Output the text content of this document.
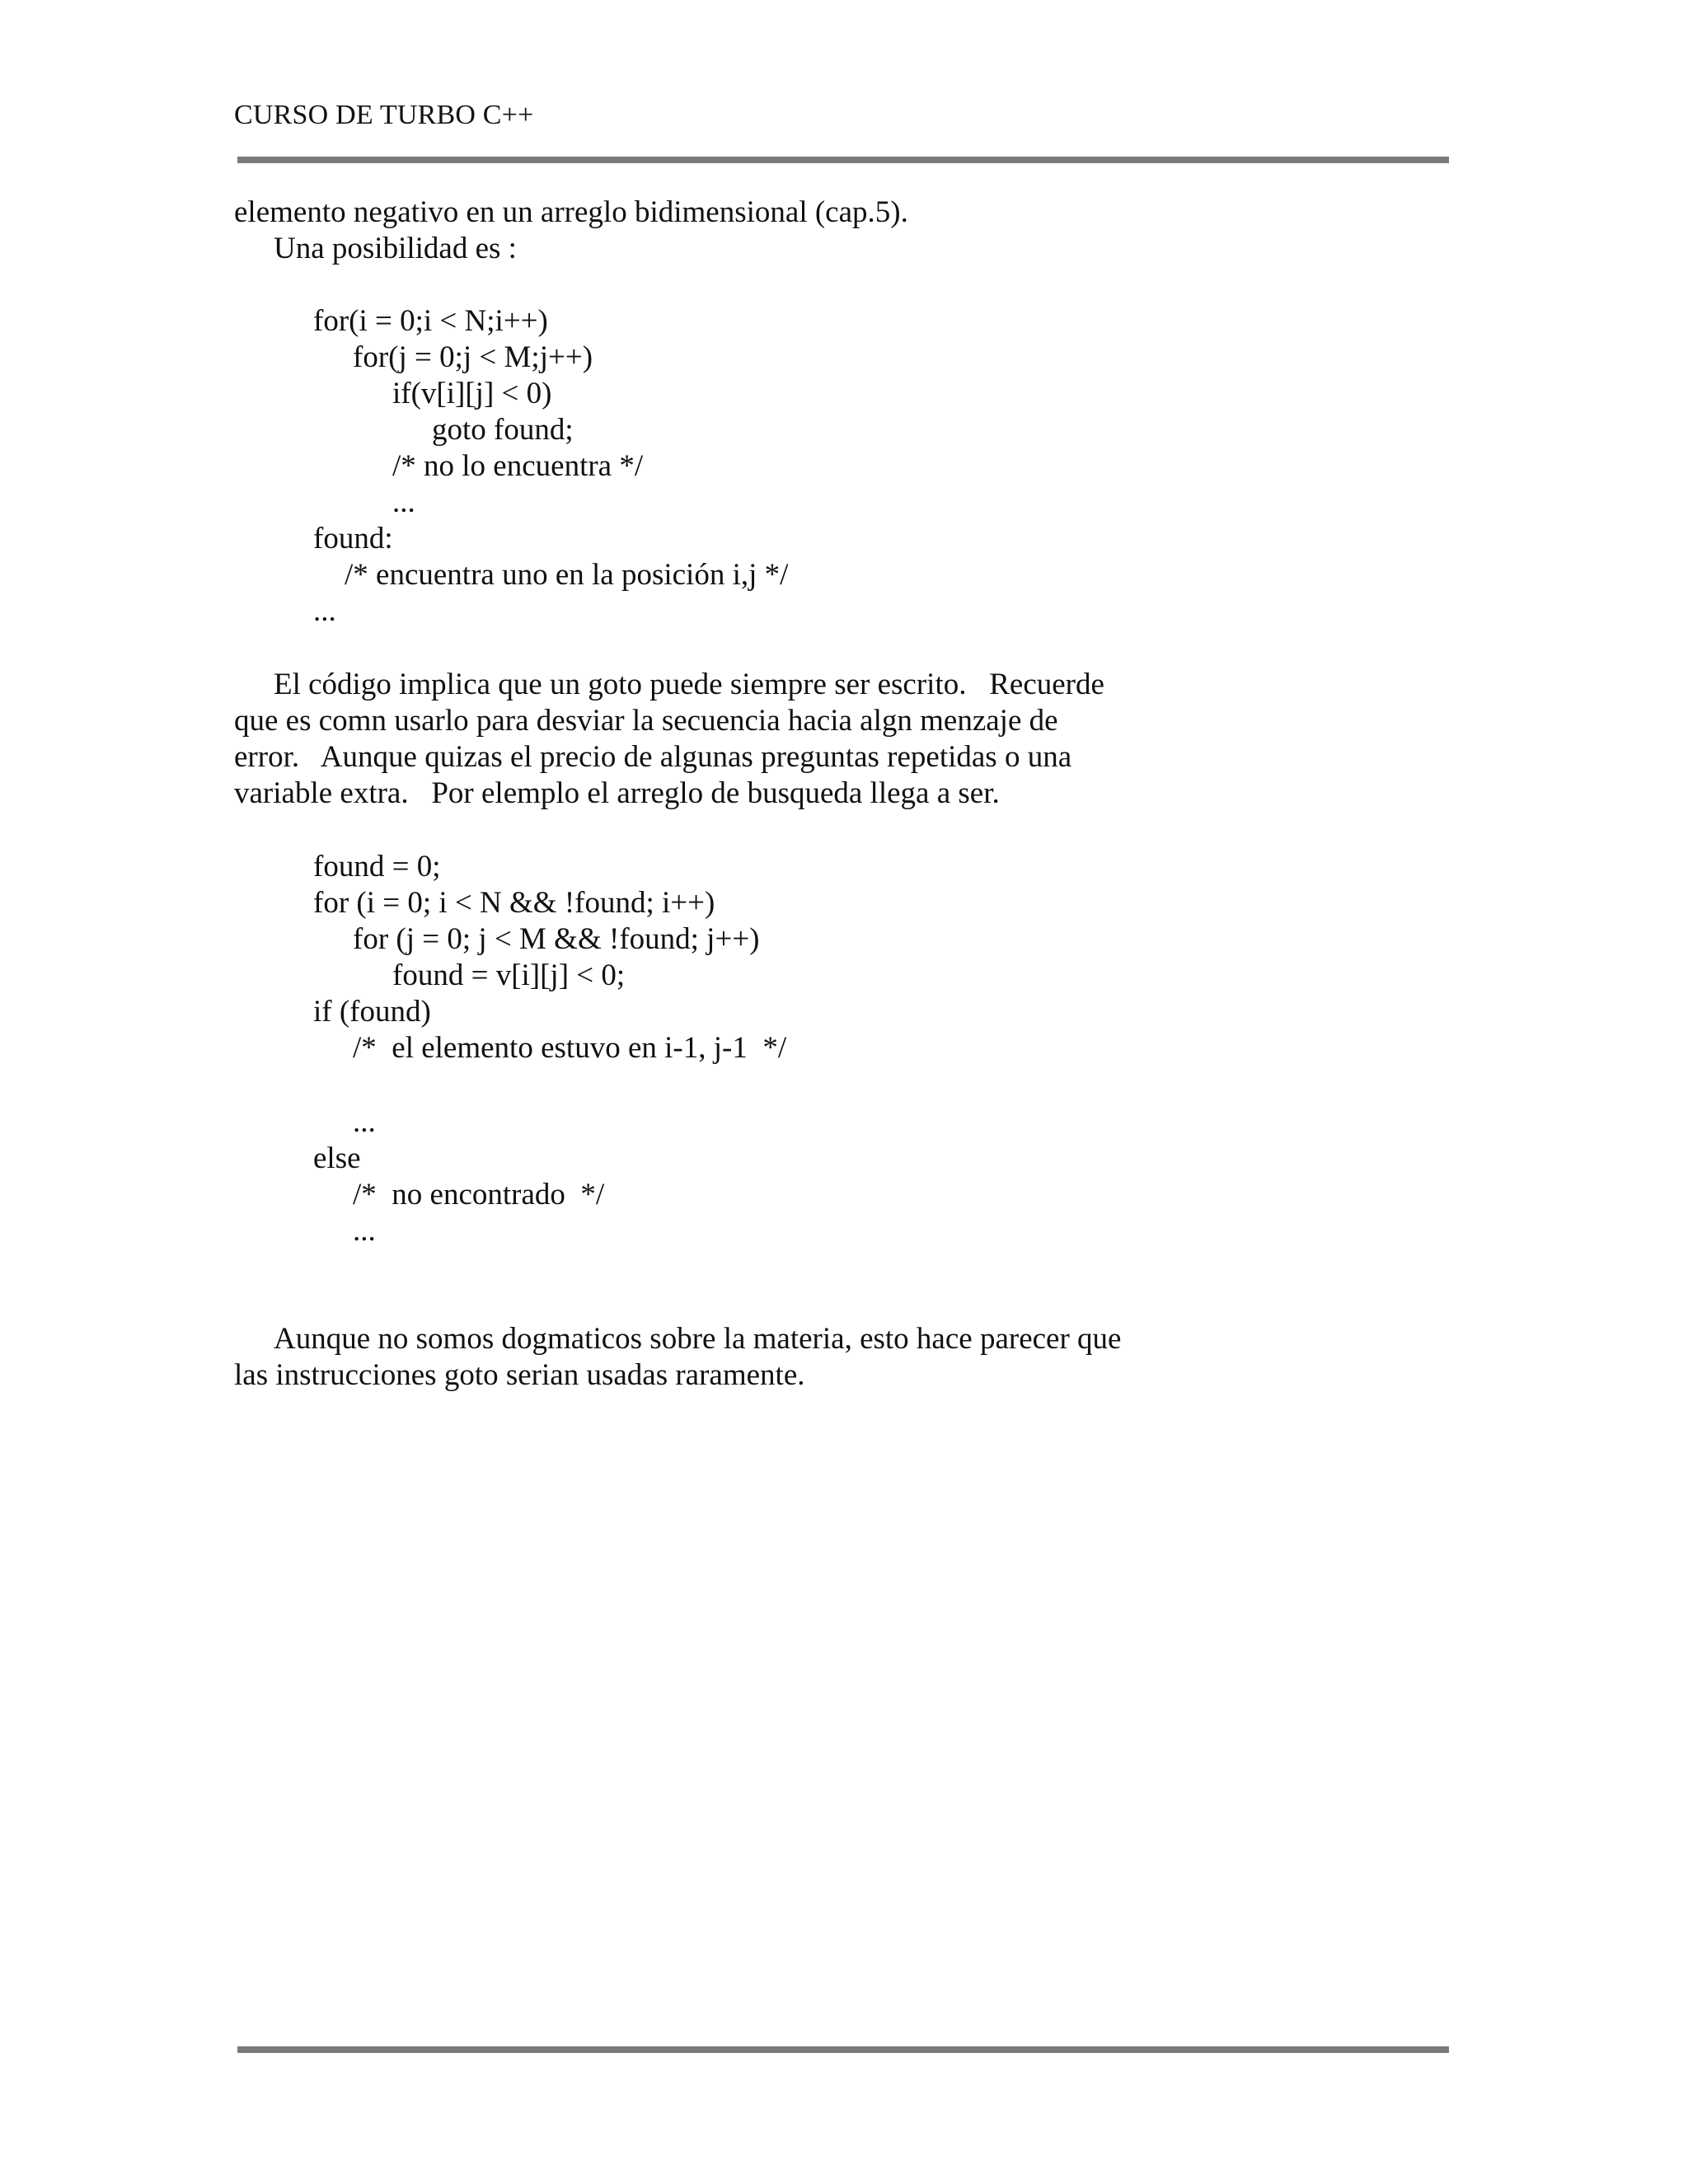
CURSO DE TURBO C++
elemento negativo en un arreglo bidimensional (cap.5).
Una posibilidad es :
for(i = 0;i < N;i++)
for(j = 0;j < M;j++)
if(v[i][j] < 0)
goto found;
/* no lo encuentra */
...
found:
/* encuentra uno en la posición i,j */
...
El código implica que un goto puede siempre ser escrito.   Recuerde
que es comn usarlo para desviar la secuencia hacia algn menzaje de
error.   Aunque quizas el precio de algunas preguntas repetidas o una
variable extra.   Por elemplo el arreglo de busqueda llega a ser.
found = 0;
for (i = 0; i < N && !found; i++)
for (j = 0; j < M && !found; j++)
found = v[i][j] < 0;
if (found)
/*  el elemento estuvo en i-1, j-1  */
...
else
/*  no encontrado  */
...
Aunque no somos dogmaticos sobre la materia, esto hace parecer que
las instrucciones goto serian usadas raramente.
